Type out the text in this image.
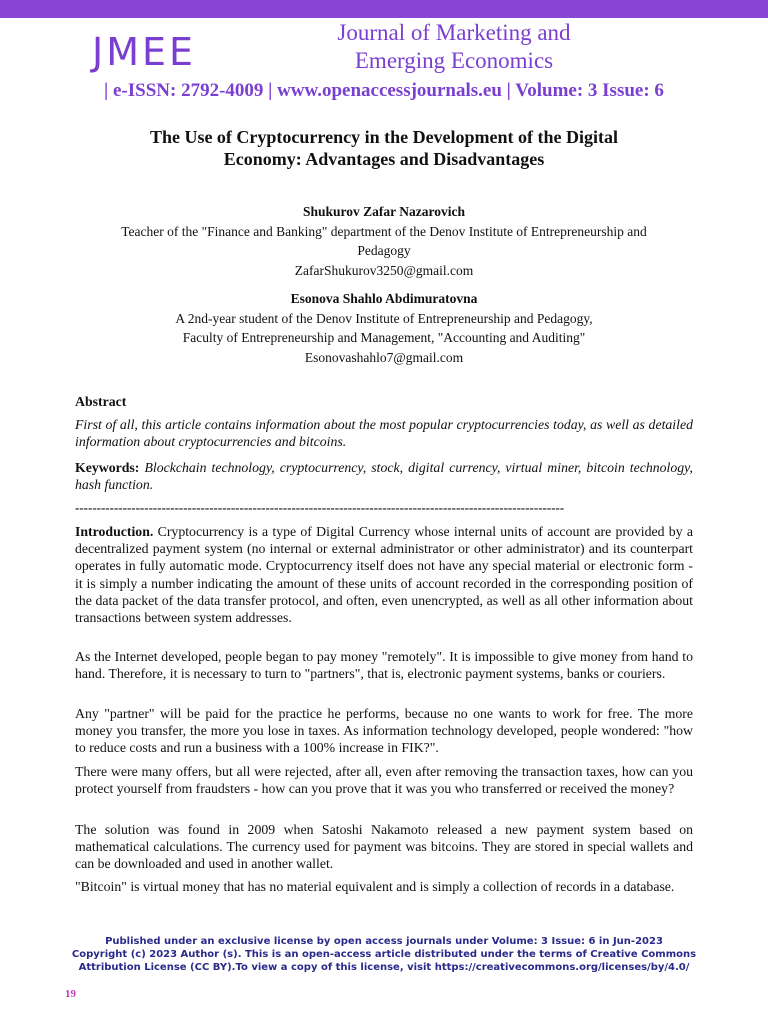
JMEE	Journal of Marketing and
Emerging Economics
| e-ISSN: 2792-4009 | www.openaccessjournals.eu | Volume: 3 Issue: 6
The Use of Cryptocurrency in the Development of the Digital
Economy: Advantages and Disadvantages
Shukurov Zafar Nazarovich
Teacher of the "Finance and Banking" department of the Denov Institute of Entrepreneurship and
Pedagogy
ZafarShukurov3250@gmail.com
Esonova Shahlo Abdimuratovna
A 2nd-year student of the Denov Institute of Entrepreneurship and Pedagogy,
Faculty of Entrepreneurship and Management, "Accounting and Auditing"
Esonovashahlo7@gmail.com
Abstract
First of all, this article contains information about the most popular cryptocurrencies today, as well as detailed information about cryptocurrencies and bitcoins.
Keywords: Blockchain technology, cryptocurrency, stock, digital currency, virtual miner, bitcoin technology, hash function.
-----------------------------------------------------------------------------------------------------------------
Introduction. Cryptocurrency is a type of Digital Currency whose internal units of account are provided by a decentralized payment system (no internal or external administrator or other administrator) and its counterpart operates in fully automatic mode. Cryptocurrency itself does not have any special material or electronic form - it is simply a number indicating the amount of these units of account recorded in the corresponding position of the data packet of the data transfer protocol, and often, even unencrypted, as well as all other information about transactions between system addresses.
As the Internet developed, people began to pay money "remotely". It is impossible to give money from hand to hand. Therefore, it is necessary to turn to "partners", that is, electronic payment systems, banks or couriers.
Any "partner" will be paid for the practice he performs, because no one wants to work for free. The more money you transfer, the more you lose in taxes. As information technology developed, people wondered: "how to reduce costs and run a business with a 100% increase in FIK?".
There were many offers, but all were rejected, after all, even after removing the transaction taxes, how can you protect yourself from fraudsters - how can you prove that it was you who transferred or received the money?
The solution was found in 2009 when Satoshi Nakamoto released a new payment system based on mathematical calculations. The currency used for payment was bitcoins. They are stored in special wallets and can be downloaded and used in another wallet.
"Bitcoin" is virtual money that has no material equivalent and is simply a collection of records in a database.
Published under an exclusive license by open access journals under Volume: 3 Issue: 6 in Jun-2023
Copyright (c) 2023 Author (s). This is an open-access article distributed under the terms of Creative Commons
Attribution License (CC BY).To view a copy of this license, visit https://creativecommons.org/licenses/by/4.0/
19
